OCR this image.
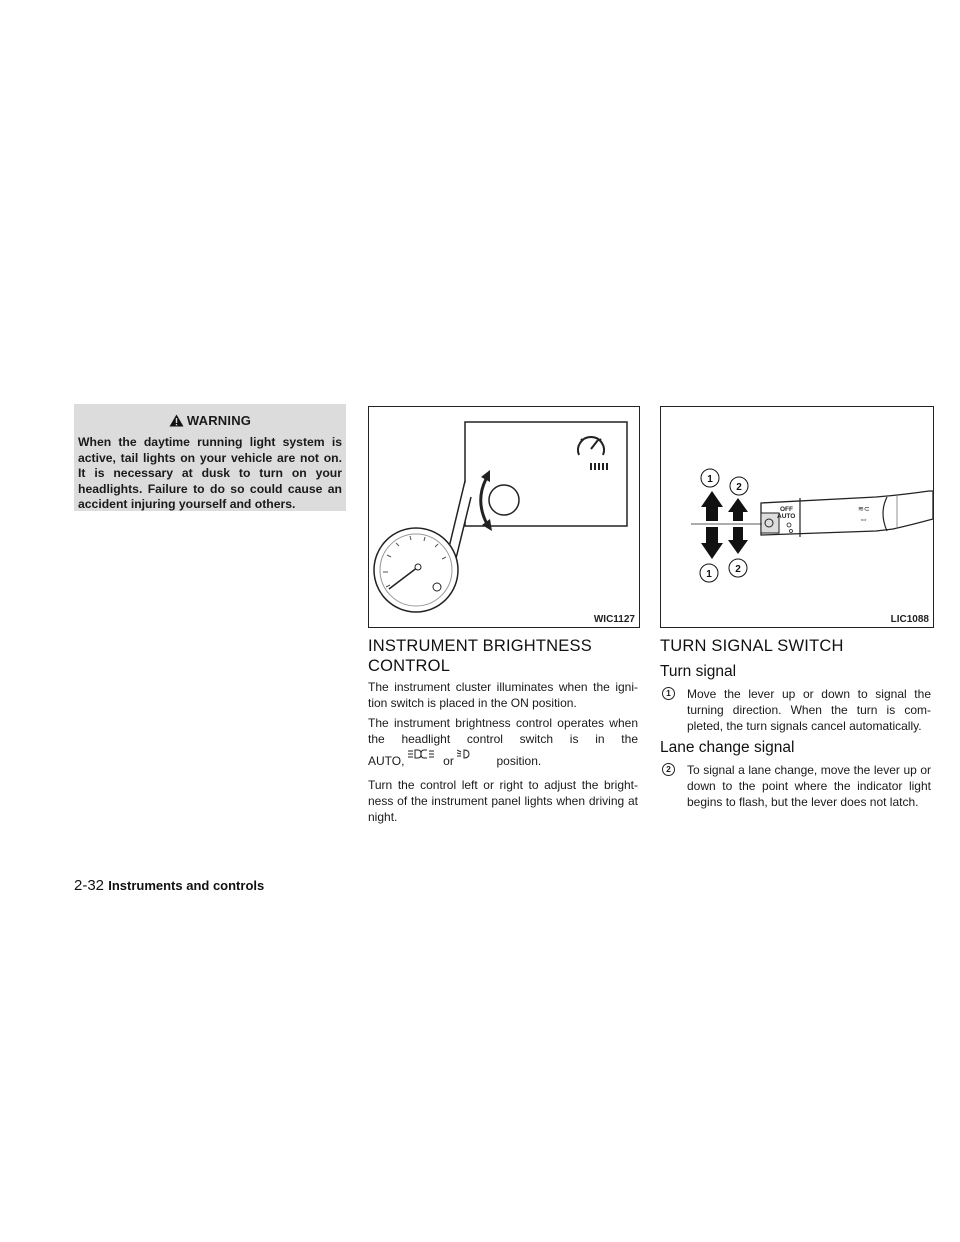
WARNING
When the daytime running light system is active, tail lights on your vehicle are not on. It is necessary at dusk to turn on your headlights. Failure to do so could cause an accident injuring yourself and others.
WIC1127
OFF
AUTO
≋⊂
⇔
1
2
1 2
LIC1088
INSTRUMENT BRIGHTNESS
CONTROL
The instrument cluster illuminates when the igni- tion switch is placed in the ON position.
The instrument brightness control operates when the headlight control switch is in the
AUTO,	or	position.
Turn the control left or right to adjust the bright- ness of the instrument panel lights when driving at night.
TURN SIGNAL SWITCH
Turn signal
1	Move the lever up or down to signal the turning direction. When the turn is com- pleted, the turn signals cancel automatically.
Lane change signal
2	To signal a lane change, move the lever up or down to the point where the indicator light begins to flash, but the lever does not latch.
2-32 Instruments and controls
